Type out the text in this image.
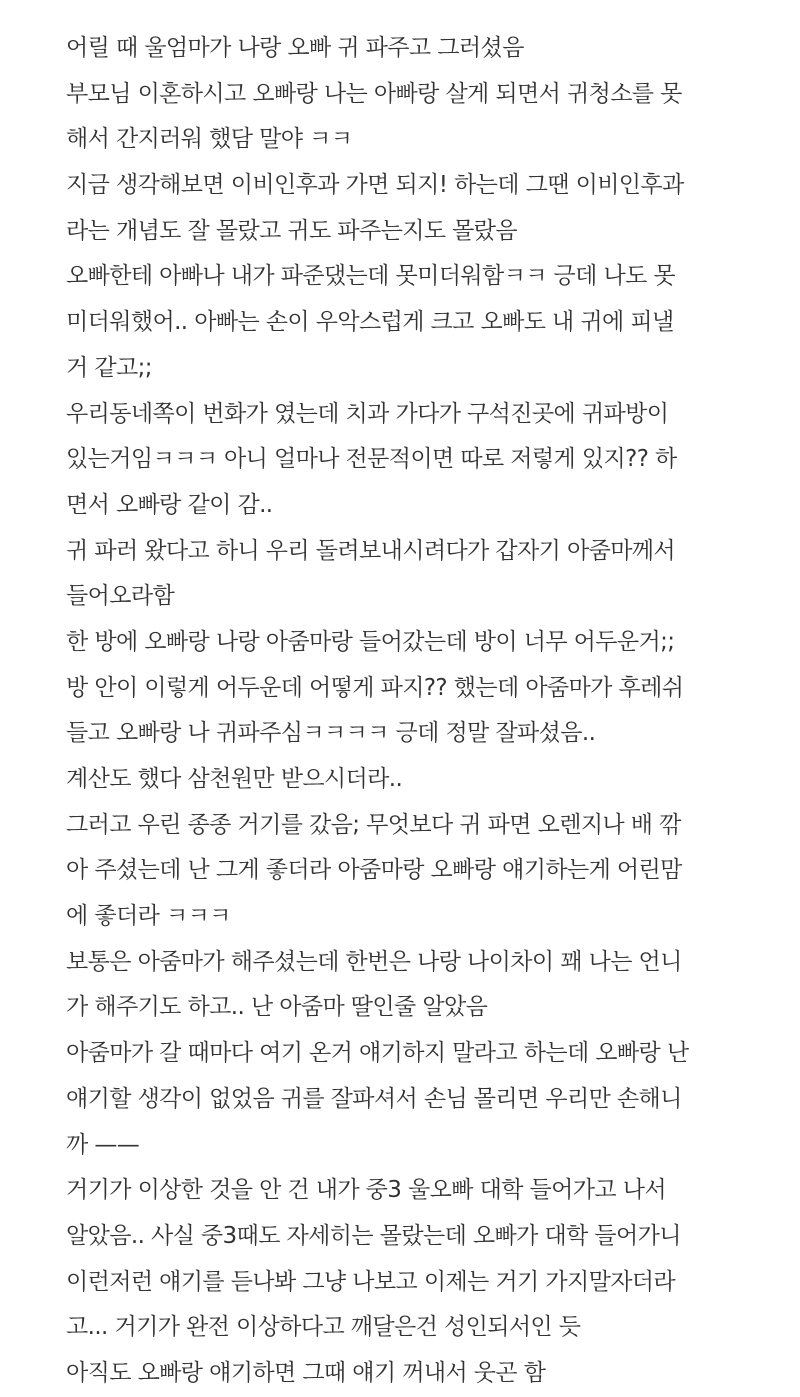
어릴 때 울엄마가 나랑 오빠 귀 파주고 그러셨음
부모님 이혼하시고 오빠랑 나는 아빠랑 살게 되면서 귀청소를 못
해서 간지러워 했담 말야 ㅋㅋ
지금 생각해보면 이비인후과 가면 되지! 하는데 그땐 이비인후과
라는 개념도 잘 몰랐고 귀도 파주는지도 몰랐음
오빠한테 아빠나 내가 파준댔는데 못미더워함ㅋㅋ 긍데 나도 못
미더워했어.. 아빠는 손이 우악스럽게 크고 오빠도 내 귀에 피낼
거 같고;;
우리동네쪽이 번화가 였는데 치과 가다가 구석진곳에 귀파방이
있는거임ㅋㅋㅋ 아니 얼마나 전문적이면 따로 저렇게 있지?? 하
면서 오빠랑 같이 감..
귀 파러 왔다고 하니 우리 돌려보내시려다가 갑자기 아줌마께서
들어오라함
한 방에 오빠랑 나랑 아줌마랑 들어갔는데 방이 너무 어두운거;;
방 안이 이렇게 어두운데 어떻게 파지?? 했는데 아줌마가 후레쉬
들고 오빠랑 나 귀파주심ㅋㅋㅋㅋ 긍데 정말 잘파셨음..
계산도 했다 삼천원만 받으시더라..
그러고 우린 종종 거기를 갔음; 무엇보다 귀 파면 오렌지나 배 깎
아 주셨는데 난 그게 좋더라 아줌마랑 오빠랑 얘기하는게 어린맘
에 좋더라 ㅋㅋㅋ
보통은 아줌마가 해주셨는데 한번은 나랑 나이차이 꽤 나는 언니
가 해주기도 하고.. 난 아줌마 딸인줄 알았음
아줌마가 갈 때마다 여기 온거 얘기하지 말라고 하는데 오빠랑 난
얘기할 생각이 없었음 귀를 잘파셔서 손님 몰리면 우리만 손해니
까 ——
거기가 이상한 것을 안 건 내가 중3 울오빠 대학 들어가고 나서
알았음.. 사실 중3때도 자세히는 몰랐는데 오빠가 대학 들어가니
이런저런 얘기를 듣나봐 그냥 나보고 이제는 거기 가지말자더라
고... 거기가 완전 이상하다고 깨달은건 성인되서인 듯
아직도 오빠랑 얘기하면 그때 얘기 꺼내서 웃곤 함
